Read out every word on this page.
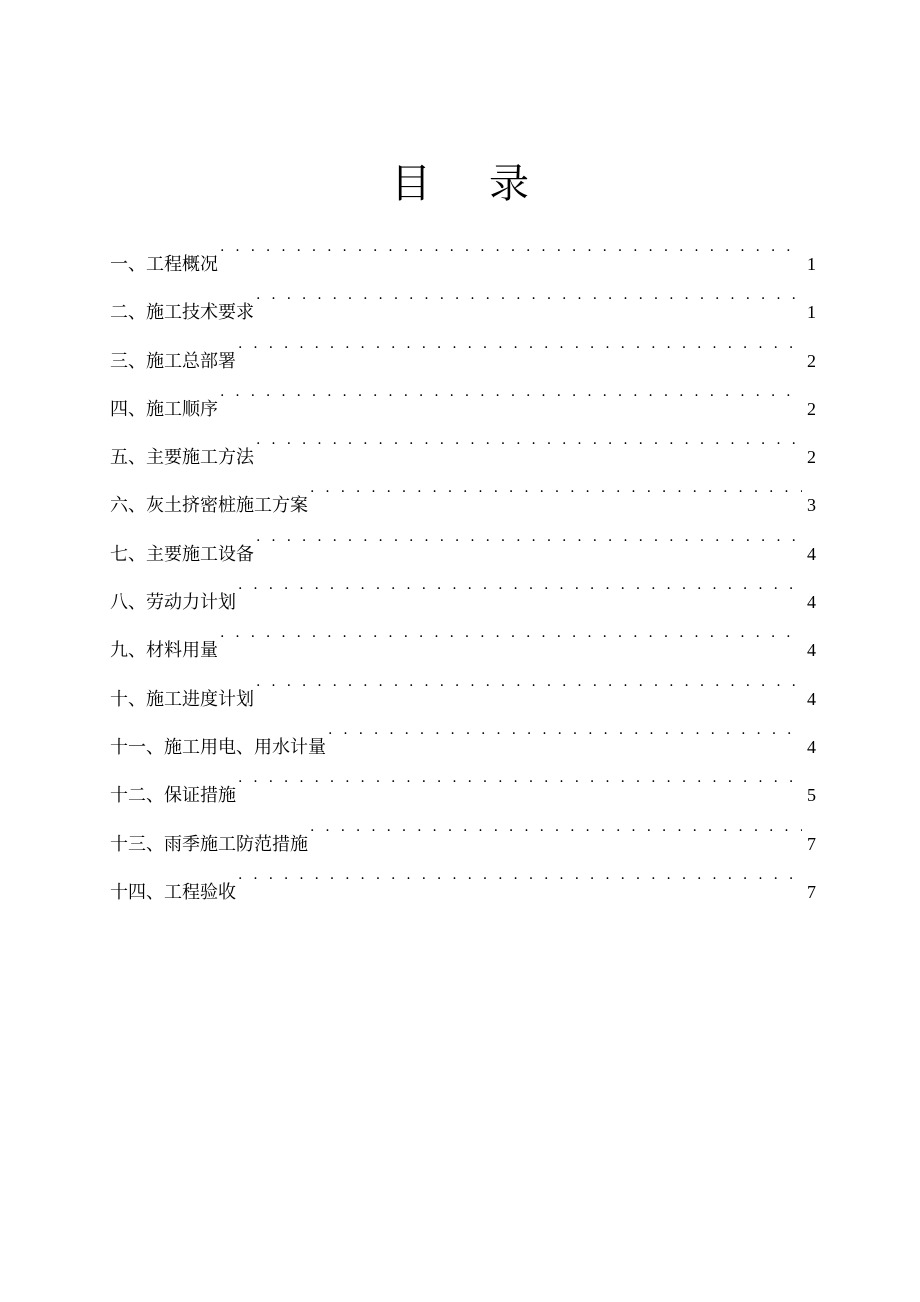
目 录
一、工程概况 . . .	1
二、施工技术要求 . . .	1
三、施工总部署 . . .	2
四、施工顺序 . . .	2
五、主要施工方法 . . .	2
六、灰土挤密桩施工方案 . . .	3
七、主要施工设备 . . .	4
八、劳动力计划 . . .	4
九、材料用量 . . .	4
十、施工进度计划 . . .	4
十一、施工用电、用水计量 . . .	4
十二、保证措施 . . .	5
十三、雨季施工防范措施 . . .	7
十四、工程验收 . . .	7
